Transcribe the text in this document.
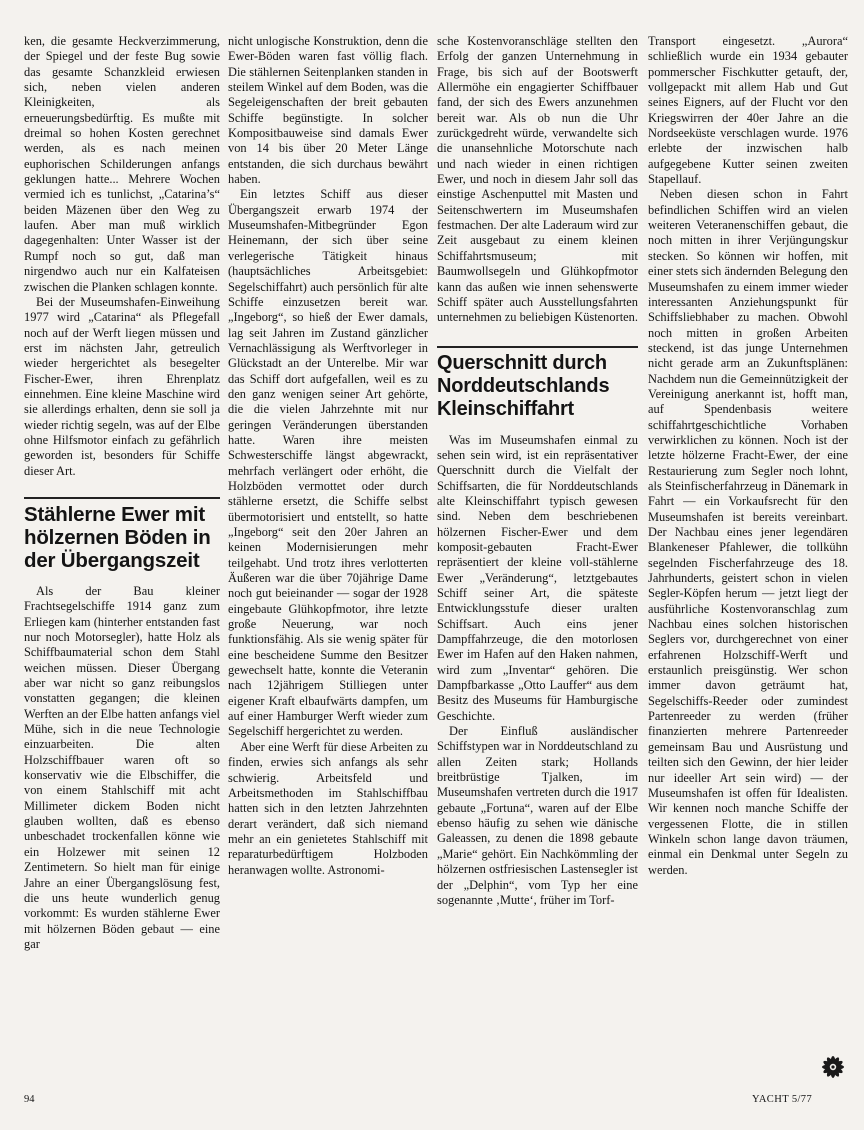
ken, die gesamte Heckverzimmerung, der Spiegel und der feste Bug sowie das gesamte Schanzkleid erwiesen sich, neben vielen anderen Kleinigkeiten, als erneuerungsbedürftig. Es mußte mit dreimal so hohen Kosten gerechnet werden, als es nach meinen euphorischen Schilderungen anfangs geklungen hatte... Mehrere Wochen vermied ich es tunlichst, „Catarina’s“ beiden Mäzenen über den Weg zu laufen. Aber man muß wirklich dagegenhalten: Unter Wasser ist der Rumpf noch so gut, daß man nirgendwo auch nur ein Kalfateisen zwischen die Planken schlagen konnte.

Bei der Museumshafen-Einweihung 1977 wird „Catarina“ als Pflegefall noch auf der Werft liegen müssen und erst im nächsten Jahr, getreulich wieder hergerichtet als besegelter Fischer-Ewer, ihren Ehrenplatz einnehmen. Eine kleine Maschine wird sie allerdings erhalten, denn sie soll ja wieder richtig segeln, was auf der Elbe ohne Hilfsmotor einfach zu gefährlich geworden ist, besonders für Schiffe dieser Art.

Stählerne Ewer mit hölzernen Böden in der Übergangszeit

Als der Bau kleiner Frachtsegelschiffe 1914 ganz zum Erliegen kam (hinterher entstanden fast nur noch Motorsegler), hatte Holz als Schiffbaumaterial schon dem Stahl weichen müssen. Dieser Übergang aber war nicht so ganz reibungslos vonstatten gegangen; die kleinen Werften an der Elbe hatten anfangs viel Mühe, sich in die neue Technologie einzuarbeiten. Die alten Holzschiffbauer waren oft so konservativ wie die Elbschiffer, die von einem Stahlschiff mit acht Millimeter dickem Boden nicht glauben wollten, daß es ebenso unbeschadet trockenfallen könne wie ein Holzewer mit seinen 12 Zentimetern. So hielt man für einige Jahre an einer Übergangslösung fest, die uns heute wunderlich genug vorkommt: Es wurden stählerne Ewer mit hölzernen Böden gebaut — eine gar

nicht unlogische Konstruktion, denn die Ewer-Böden waren fast völlig flach. Die stählernen Seitenplanken standen in steilem Winkel auf dem Boden, was die Segeleigenschaften der breit gebauten Schiffe begünstigte. In solcher Kompositbauweise sind damals Ewer von 14 bis über 20 Meter Länge entstanden, die sich durchaus bewährt haben.

Ein letztes Schiff aus dieser Übergangszeit erwarb 1974 der Museumshafen-Mitbegründer Egon Heinemann, der sich über seine verlegerische Tätigkeit hinaus (hauptsächliches Arbeitsgebiet: Segelschiffahrt) auch persönlich für alte Schiffe einzusetzen bereit war. „Ingeborg“, so hieß der Ewer damals, lag seit Jahren im Zustand gänzlicher Vernachlässigung als Werftvorleger in Glückstadt an der Unterelbe. Mir war das Schiff dort aufgefallen, weil es zu den ganz wenigen seiner Art gehörte, die die vielen Jahrzehnte mit nur geringen Veränderungen überstanden hatte. Waren ihre meisten Schwesterschiffe längst abgewrackt, mehrfach verlängert oder erhöht, die Holzböden vermottet oder durch stählerne ersetzt, die Schiffe selbst übermotorisiert und entstellt, so hatte „Ingeborg“ seit den 20er Jahren an keinen Modernisierungen mehr teilgehabt. Und trotz ihres verlotterten Äußeren war die über 70jährige Dame noch gut beieinander — sogar der 1928 eingebaute Glühkopfmotor, ihre letzte große Neuerung, war noch funktionsfähig. Als sie wenig später für eine bescheidene Summe den Besitzer gewechselt hatte, konnte die Veteranin nach 12jährigem Stilliegen unter eigener Kraft elbaufwärts dampfen, um auf einer Hamburger Werft wieder zum Segelschiff hergerichtet zu werden.

Aber eine Werft für diese Arbeiten zu finden, erwies sich anfangs als sehr schwierig. Arbeitsfeld und Arbeitsmethoden im Stahlschiffbau hatten sich in den letzten Jahrzehnten derart verändert, daß sich niemand mehr an ein genietetes Stahlschiff mit reparaturbedürftigem Holzboden heranwagen wollte. Astronomi-

sche Kostenvoranschläge stellten den Erfolg der ganzen Unternehmung in Frage, bis sich auf der Bootswerft Allermöhe ein engagierter Schiffbauer fand, der sich des Ewers anzunehmen bereit war. Als ob nun die Uhr zurückgedreht würde, verwandelte sich die unansehnliche Motorschute nach und nach wieder in einen richtigen Ewer, und noch in diesem Jahr soll das einstige Aschenputtel mit Masten und Seitenschwertern im Museumshafen festmachen. Der alte Laderaum wird zur Zeit ausgebaut zu einem kleinen Schiffahrtsmuseum; mit Baumwollsegeln und Glühkopfmotor kann das außen wie innen sehenswerte Schiff später auch Ausstellungsfahrten unternehmen zu beliebigen Küstenorten.

Querschnitt durch Norddeutschlands Kleinschiffahrt

Was im Museumshafen einmal zu sehen sein wird, ist ein repräsentativer Querschnitt durch die Vielfalt der Schiffsarten, die für Norddeutschlands alte Kleinschiffahrt typisch gewesen sind. Neben dem beschriebenen hölzernen Fischer-Ewer und dem komposit-gebauten Fracht-Ewer repräsentiert der kleine voll-stählerne Ewer „Veränderung“, letztgebautes Schiff seiner Art, die späteste Entwicklungsstufe dieser uralten Schiffsart. Auch eins jener Dampffahrzeuge, die den motorlosen Ewer im Hafen auf den Haken nahmen, wird zum „Inventar“ gehören. Die Dampfbarkasse „Otto Lauffer“ aus dem Besitz des Museums für Hamburgische Geschichte.

Der Einfluß ausländischer Schiffstypen war in Norddeutschland zu allen Zeiten stark; Hollands breitbrüstige Tjalken, im Museumshafen vertreten durch die 1917 gebaute „Fortuna“, waren auf der Elbe ebenso häufig zu sehen wie dänische Galeassen, zu denen die 1898 gebaute „Marie“ gehört. Ein Nachkömmling der hölzernen ostfriesischen Lastensegler ist der „Delphin“, vom Typ her eine sogenannte ‚Mutte‘, früher im Torf-

Transport eingesetzt. „Aurora“ schließlich wurde ein 1934 gebauter pommerscher Fischkutter getauft, der, vollgepackt mit allem Hab und Gut seines Eigners, auf der Flucht vor den Kriegswirren der 40er Jahre an die Nordseeküste verschlagen wurde. 1976 erlebte der inzwischen halb aufgegebene Kutter seinen zweiten Stapellauf.

Neben diesen schon in Fahrt befindlichen Schiffen wird an vielen weiteren Veteranenschiffen gebaut, die noch mitten in ihrer Verjüngungskur stecken. So können wir hoffen, mit einer stets sich ändernden Belegung den Museumshafen zu einem immer wieder interessanten Anziehungspunkt für Schiffsliebhaber zu machen. Obwohl noch mitten in großen Arbeiten steckend, ist das junge Unternehmen nicht gerade arm an Zukunftsplänen: Nachdem nun die Gemeinnützigkeit der Vereinigung anerkannt ist, hofft man, auf Spendenbasis weitere schiffahrtgeschichtliche Vorhaben verwirklichen zu können. Noch ist der letzte hölzerne Fracht-Ewer, der eine Restaurierung zum Segler noch lohnt, als Steinfischerfahrzeug in Dänemark in Fahrt — ein Vorkaufsrecht für den Museumshafen ist bereits vereinbart. Der Nachbau eines jener legendären Blankeneser Pfahlewer, die tollkühn segelnden Fischerfahrzeuge des 18. Jahrhunderts, geistert schon in vielen Segler-Köpfen herum — jetzt liegt der ausführliche Kostenvoranschlag zum Nachbau eines solchen historischen Seglers vor, durchgerechnet von einer erfahrenen Holzschiff-Werft und erstaunlich preisgünstig. Wer schon immer davon geträumt hat, Segelschiffs-Reeder oder zumindest Partenreeder zu werden (früher finanzierten mehrere Partenreeder gemeinsam Bau und Ausrüstung und teilten sich den Gewinn, der hier leider nur ideeller Art sein wird) — der Museumshafen ist offen für Idealisten. Wir kennen noch manche Schiffe der vergessenen Flotte, die in stillen Winkeln schon lange davon träumen, einmal ein Denkmal unter Segeln zu werden.

94	YACHT 5/77
